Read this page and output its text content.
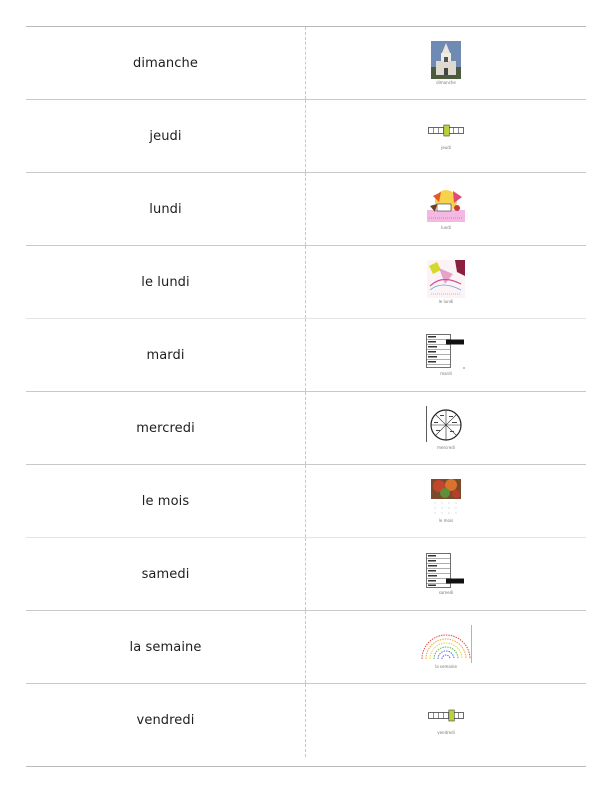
dimanche
dimanche
jeudi
jeudi
lundi
lundi
le lundi
le lundi
mardi
mardi
mercredi
mercredi
le mois
le mois
samedi
samedi
la semaine
la semaine
vendredi
vendredi
